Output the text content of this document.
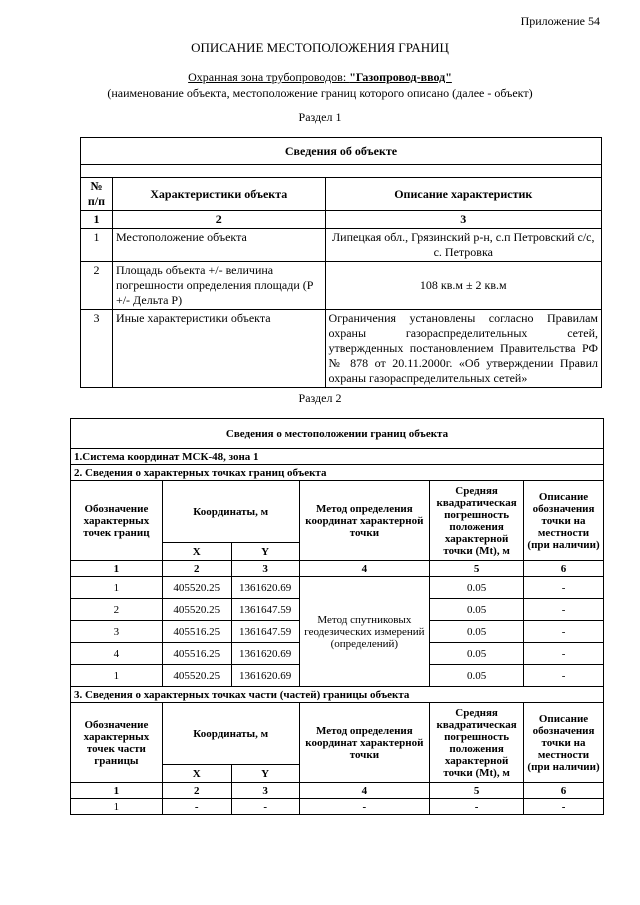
Приложение 54
ОПИСАНИЕ МЕСТОПОЛОЖЕНИЯ ГРАНИЦ
Охранная зона трубопроводов: "Газопровод-ввод"
(наименование объекта, местоположение границ которого описано (далее - объект)
Раздел 1
Сведения об объекте		

№ п/п	Характеристики объекта	Описание характеристик
1	2	3
1	Местоположение объекта	Липецкая обл., Грязинский р-н, с.п Петровский с/с, с. Петровка
2	Площадь объекта +/- величина погрешности определения площади (Р +/- Дельта Р)	108 кв.м ± 2 кв.м
3	Иные характеристики объекта	Ограничения установлены согласно Правилам охраны газораспределительных сетей, утвержденных постановлением Правительства РФ № 878 от 20.11.2000г. «Об утверждении Правил охраны газораспределительных сетей»
Раздел 2
Сведения о местоположении границ объекта					
1.Система координат МСК-48, зона 1					
2. Сведения о характерных точках границ объекта					
Обозначение характерных точек границ	Координаты, м		Метод определения координат характерной точки	Средняя квадратическая погрешность положения характерной точки (Mt), м	Описание обозначения точки на местности (при наличии)
	X	Y			
1	2	3	4	5	6
1	405520.25	1361620.69	Метод спутниковых геодезических измерений (определений)	0.05	-
2	405520.25	1361647.59		0.05	-
3	405516.25	1361647.59		0.05	-
4	405516.25	1361620.69		0.05	-
1	405520.25	1361620.69		0.05	-
3. Сведения о характерных точках части (частей) границы объекта					
Обозначение характерных точек части границы	Координаты, м		Метод определения координат характерной точки	Средняя квадратическая погрешность положения характерной точки (Mt), м	Описание обозначения точки на местности (при наличии)
	X	Y			
1	2	3	4	5	6
1	-	-	-	-	-
